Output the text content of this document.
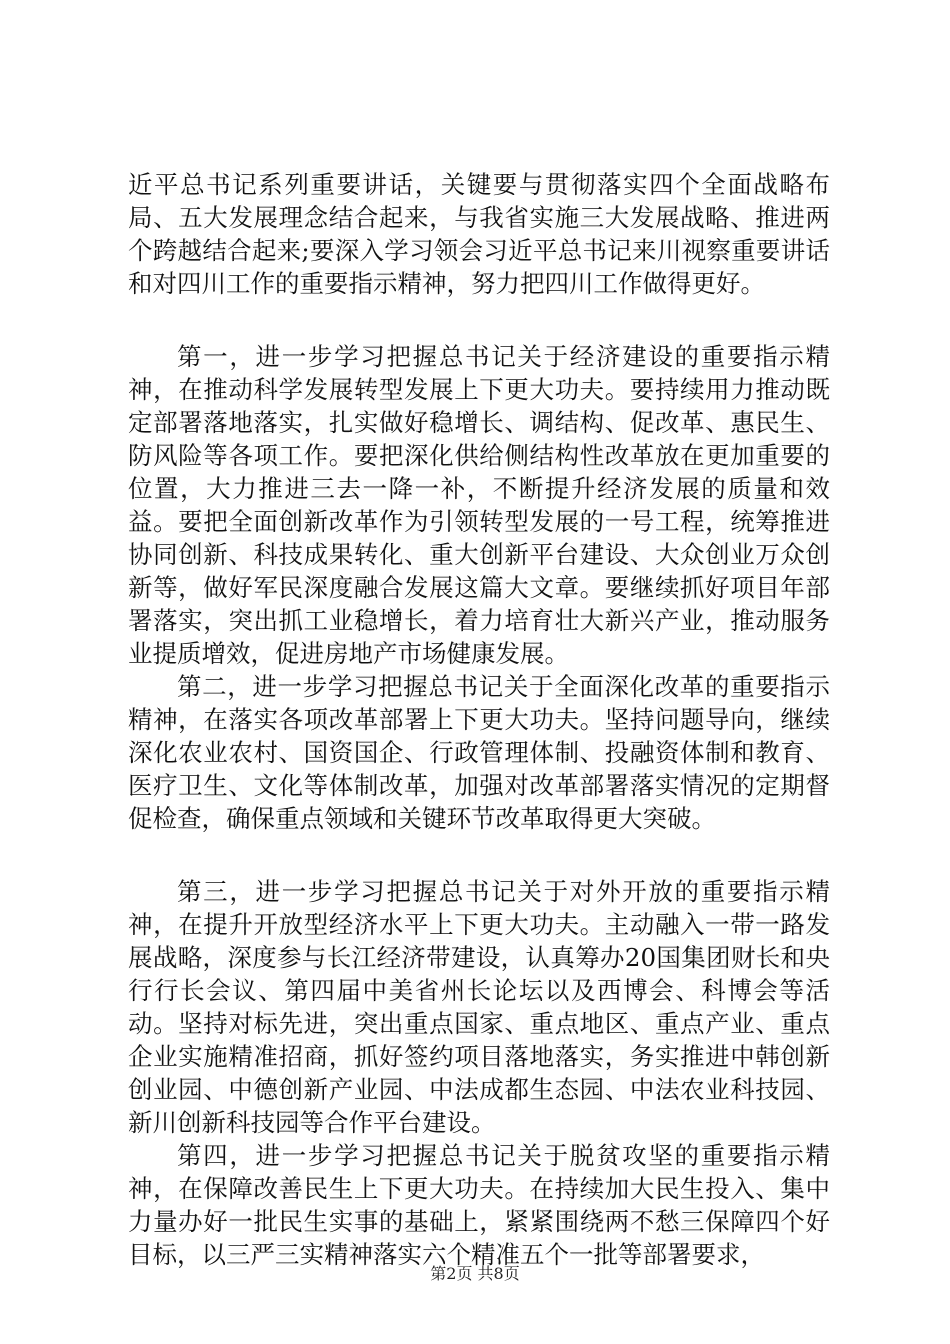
近平总书记系列重要讲话，关键要与贯彻落实四个全面战略布局、五大发展理念结合起来，与我省实施三大发展战略、推进两个跨越结合起来;要深入学习领会习近平总书记来川视察重要讲话和对四川工作的重要指示精神，努力把四川工作做得更好。

第一，进一步学习把握总书记关于经济建设的重要指示精神，在推动科学发展转型发展上下更大功夫。要持续用力推动既定部署落地落实，扎实做好稳增长、调结构、促改革、惠民生、防风险等各项工作。要把深化供给侧结构性改革放在更加重要的位置，大力推进三去一降一补，不断提升经济发展的质量和效益。要把全面创新改革作为引领转型发展的一号工程，统筹推进协同创新、科技成果转化、重大创新平台建设、大众创业万众创新等，做好军民深度融合发展这篇大文章。要继续抓好项目年部署落实，突出抓工业稳增长，着力培育壮大新兴产业，推动服务业提质增效，促进房地产市场健康发展。

第二，进一步学习把握总书记关于全面深化改革的重要指示精神，在落实各项改革部署上下更大功夫。坚持问题导向，继续深化农业农村、国资国企、行政管理体制、投融资体制和教育、医疗卫生、文化等体制改革，加强对改革部署落实情况的定期督促检查，确保重点领域和关键环节改革取得更大突破。

第三，进一步学习把握总书记关于对外开放的重要指示精神，在提升开放型经济水平上下更大功夫。主动融入一带一路发展战略，深度参与长江经济带建设，认真筹办20国集团财长和央行行长会议、第四届中美省州长论坛以及西博会、科博会等活动。坚持对标先进，突出重点国家、重点地区、重点产业、重点企业实施精准招商，抓好签约项目落地落实，务实推进中韩创新创业园、中德创新产业园、中法成都生态园、中法农业科技园、新川创新科技园等合作平台建设。

第四，进一步学习把握总书记关于脱贫攻坚的重要指示精神，在保障改善民生上下更大功夫。在持续加大民生投入、集中力量办好一批民生实事的基础上，紧紧围绕两不愁三保障四个好目标，以三严三实精神落实六个精准五个一批等部署要求，

第2页 共8页
